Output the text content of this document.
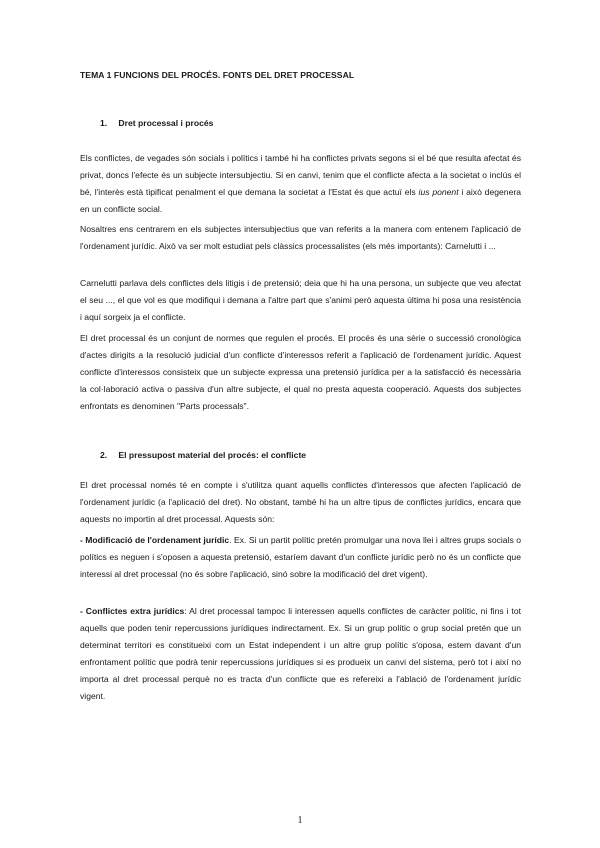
TEMA 1 FUNCIONS DEL PROCÉS. FONTS DEL DRET PROCESSAL
1. Dret processal i procés

Els conflictes, de vegades són socials i polítics i també hi ha conflictes privats segons si el bé que resulta afectat és privat, doncs l'efecte és un subjecte intersubjectiu. Si en canvi, tenim que el conflicte afecta a la societat o inclús el bé, l'interès està tipificat penalment el que demana la societat a l'Estat és que actuï els ius ponent i això degenera en un conflicte social.

Nosaltres ens centrarem en els subjectes intersubjectius que van referits a la manera com entenem l'aplicació de l'ordenament jurídic. Això va ser molt estudiat pels clàssics processalistes (els més importants): Carnelutti i ...

Carnelutti parlava dels conflictes dels litigis i de pretensió; deia que hi ha una persona, un subjecte que veu afectat el seu ..., el que vol es que modifiqui i demana a l'altre part que s'animi però aquesta última hi posa una resistència i aquí sorgeix ja el conflicte.

El dret processal és un conjunt de normes que regulen el procés. El procés és una sèrie o successió cronològica d'actes dirigits a la resolució judicial d'un conflicte d'interessos referit a l'aplicació de l'ordenament jurídic. Aquest conflicte d'interessos consisteix que un subjecte expressa una pretensió jurídica per a la satisfacció és necessària la col·laboració activa o passiva d'un altre subjecte, el qual no presta aquesta cooperació. Aquests dos subjectes enfrontats es denominen "Parts processals".

2. El pressupost material del procés: el conflicte

El dret processal només té en compte i s'utilitza quant aquells conflictes d'interessos que afecten l'aplicació de l'ordenament jurídic (a l'aplicació del dret). No obstant, també hi ha un altre tipus de conflictes jurídics, encara que aquests no importin al dret processal. Aquests són:

- Modificació de l'ordenament jurídic. Ex. Si un partit polític pretén promulgar una nova llei i altres grups socials o polítics es neguen i s'oposen a aquesta pretensió, estaríem davant d'un conflicte jurídic però no és un conflicte que interessi al dret processal (no és sobre l'aplicació, sinó sobre la modificació del dret vigent).

- Conflictes extra jurídics: Al dret processal tampoc li interessen aquells conflictes de caràcter polític, ni fins i tot aquells que poden tenir repercussions jurídiques indirectament. Ex. Si un grup polític o grup social pretén que un determinat territori es constitueixi com un Estat independent i un altre grup polític s'oposa, estem davant d'un enfrontament polític que podrà tenir repercussions jurídiques si es produeix un canvi del sistema, però tot i així no importa al dret processal perquè no es tracta d'un conflicte que es refereixi a l'ablació de l'ordenament jurídic vigent.

1
